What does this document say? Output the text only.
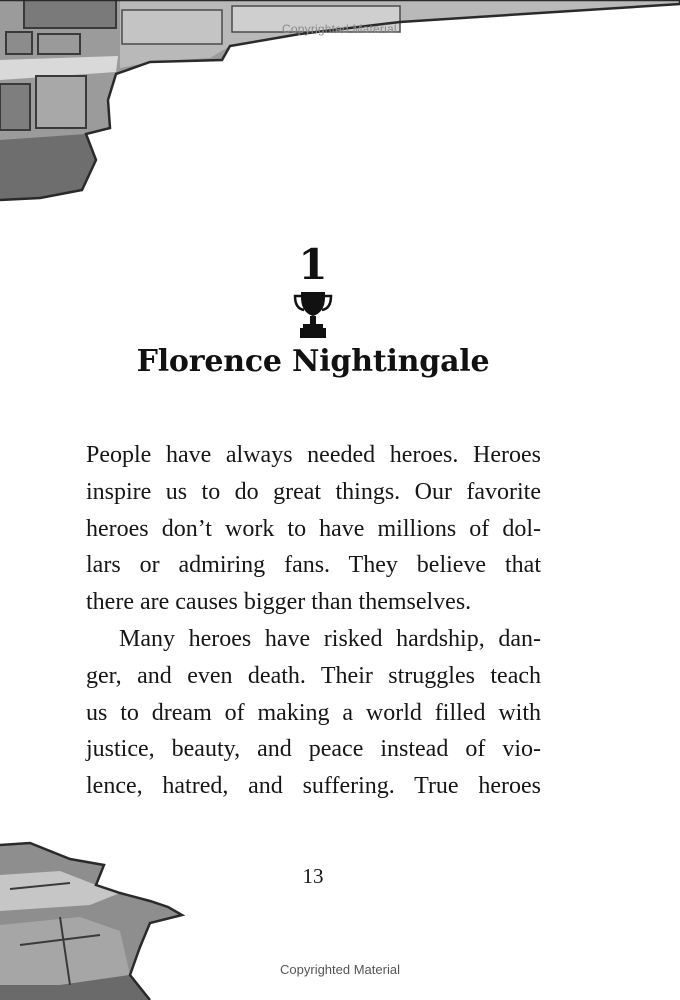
Copyrighted Material
1
Florence Nightingale

People have always needed heroes. Heroes

inspire us to do great things. Our favorite

heroes don’t work to have millions of dol-

lars or admiring fans. They believe that

there are causes bigger than themselves.

Many heroes have risked hardship, dan-

ger, and even death. Their struggles teach

us to dream of making a world filled with

justice, beauty, and peace instead of vio-

lence, hatred, and suffering. True heroes

13
Copyrighted Material
